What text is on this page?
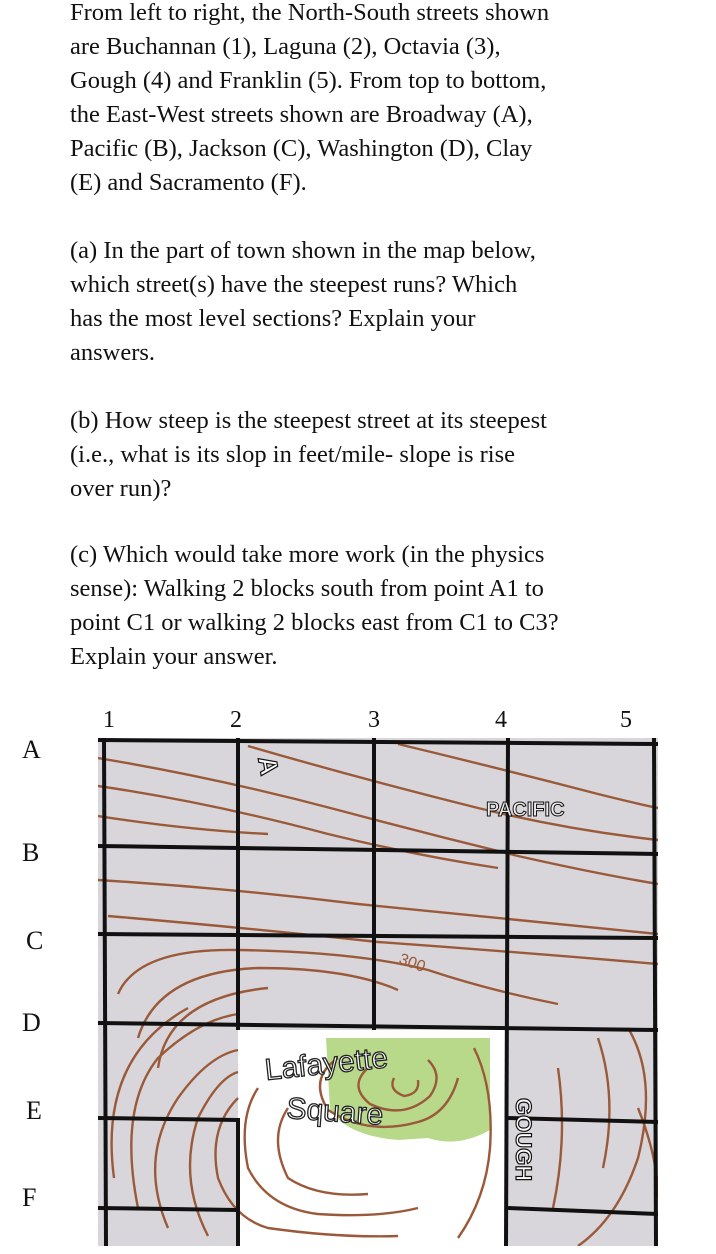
From left to right, the North-South streets shown
are Buchannan (1), Laguna (2), Octavia (3),
Gough (4) and Franklin (5). From top to bottom,
the East-West streets shown are Broadway (A),
Pacific (B), Jackson (C), Washington (D), Clay
(E) and Sacramento (F).

(a) In the part of town shown in the map below,
which street(s) have the steepest runs? Which
has the most level sections? Explain your
answers.

(b) How steep is the steepest street at its steepest
(i.e., what is its slop in feet/mile- slope is rise
over run)?

(c) Which would take more work (in the physics
sense): Walking 2 blocks south from point A1 to
point C1 or walking 2 blocks east from C1 to C3?
Explain your answer.

1	2	3	4	5
A
B
C
D
E
F
PACIFIC
300
Lafayette
Square	GOUGH
A
